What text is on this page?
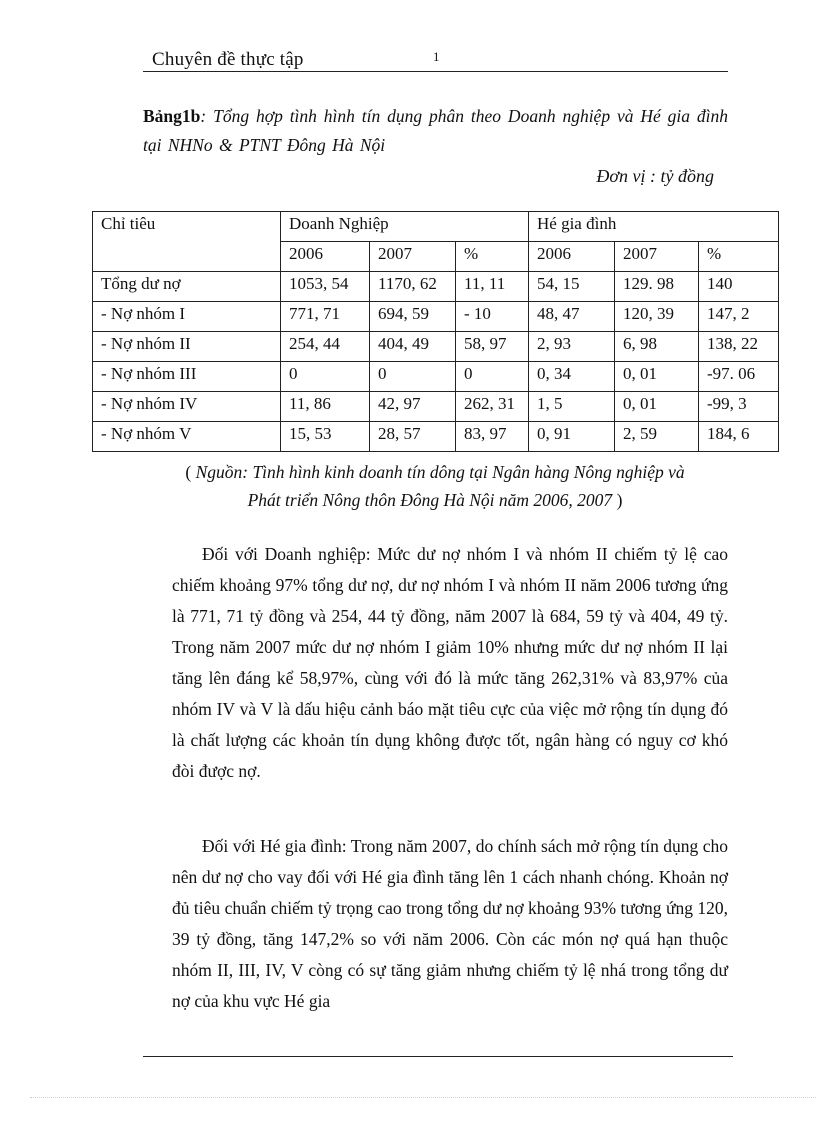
Chuyên đề thực tập	1
Bảng1b: Tổng hợp tình hình tín dụng phân theo Doanh nghiệp và Hé gia đình tại NHNo & PTNT Đông Hà Nội
Đơn vị : tỷ đồng
Chỉ tiêu	Doanh Nghiệp			Hé gia đình		
	2006	2007	%	2006	2007	%
Tổng dư nợ	1053, 54	1170, 62	11, 11	54, 15	129. 98	140
- Nợ nhóm I	771, 71	694, 59	- 10	48, 47	120, 39	147, 2
- Nợ nhóm II	254, 44	404, 49	58, 97	2, 93	6, 98	138, 22
- Nợ nhóm III	0	0	0	0, 34	0, 01	-97. 06
- Nợ nhóm IV	11, 86	42, 97	262, 31	1, 5	0, 01	-99, 3
- Nợ nhóm V	15, 53	28, 57	83, 97	0, 91	2, 59	184, 6
( Nguồn: Tình hình kinh doanh tín dông tại Ngân hàng Nông nghiệp và
Phát triển Nông thôn Đông Hà Nội năm 2006, 2007 )

Đối với Doanh nghiệp: Mức dư nợ nhóm I và nhóm II chiếm tỷ lệ cao chiếm khoảng 97% tổng dư nợ, dư nợ nhóm I và nhóm II năm 2006 tương ứng là 771, 71 tỷ đồng và 254, 44 tỷ đồng, năm 2007 là 684, 59 tỷ và 404, 49 tỷ. Trong năm 2007 mức dư nợ nhóm I giảm 10% nhưng mức dư nợ nhóm II lại tăng lên đáng kể 58,97%, cùng với đó là mức tăng 262,31% và 83,97% của nhóm IV và V là dấu hiệu cảnh báo mặt tiêu cực của việc mở rộng tín dụng đó là chất lượng các khoản tín dụng không được tốt, ngân hàng có nguy cơ khó đòi được nợ.

Đối với Hé gia đình: Trong năm 2007, do chính sách mở rộng tín dụng cho nên dư nợ cho vay đối với Hé gia đình tăng lên 1 cách nhanh chóng. Khoản nợ đủ tiêu chuẩn chiếm tỷ trọng cao trong tổng dư nợ khoảng 93% tương ứng 120, 39 tỷ đồng, tăng 147,2% so với năm 2006. Còn các món nợ quá hạn thuộc nhóm II, III, IV, V còng có sự tăng giảm nhưng chiếm tỷ lệ nhá trong tổng dư nợ của khu vực Hé gia
